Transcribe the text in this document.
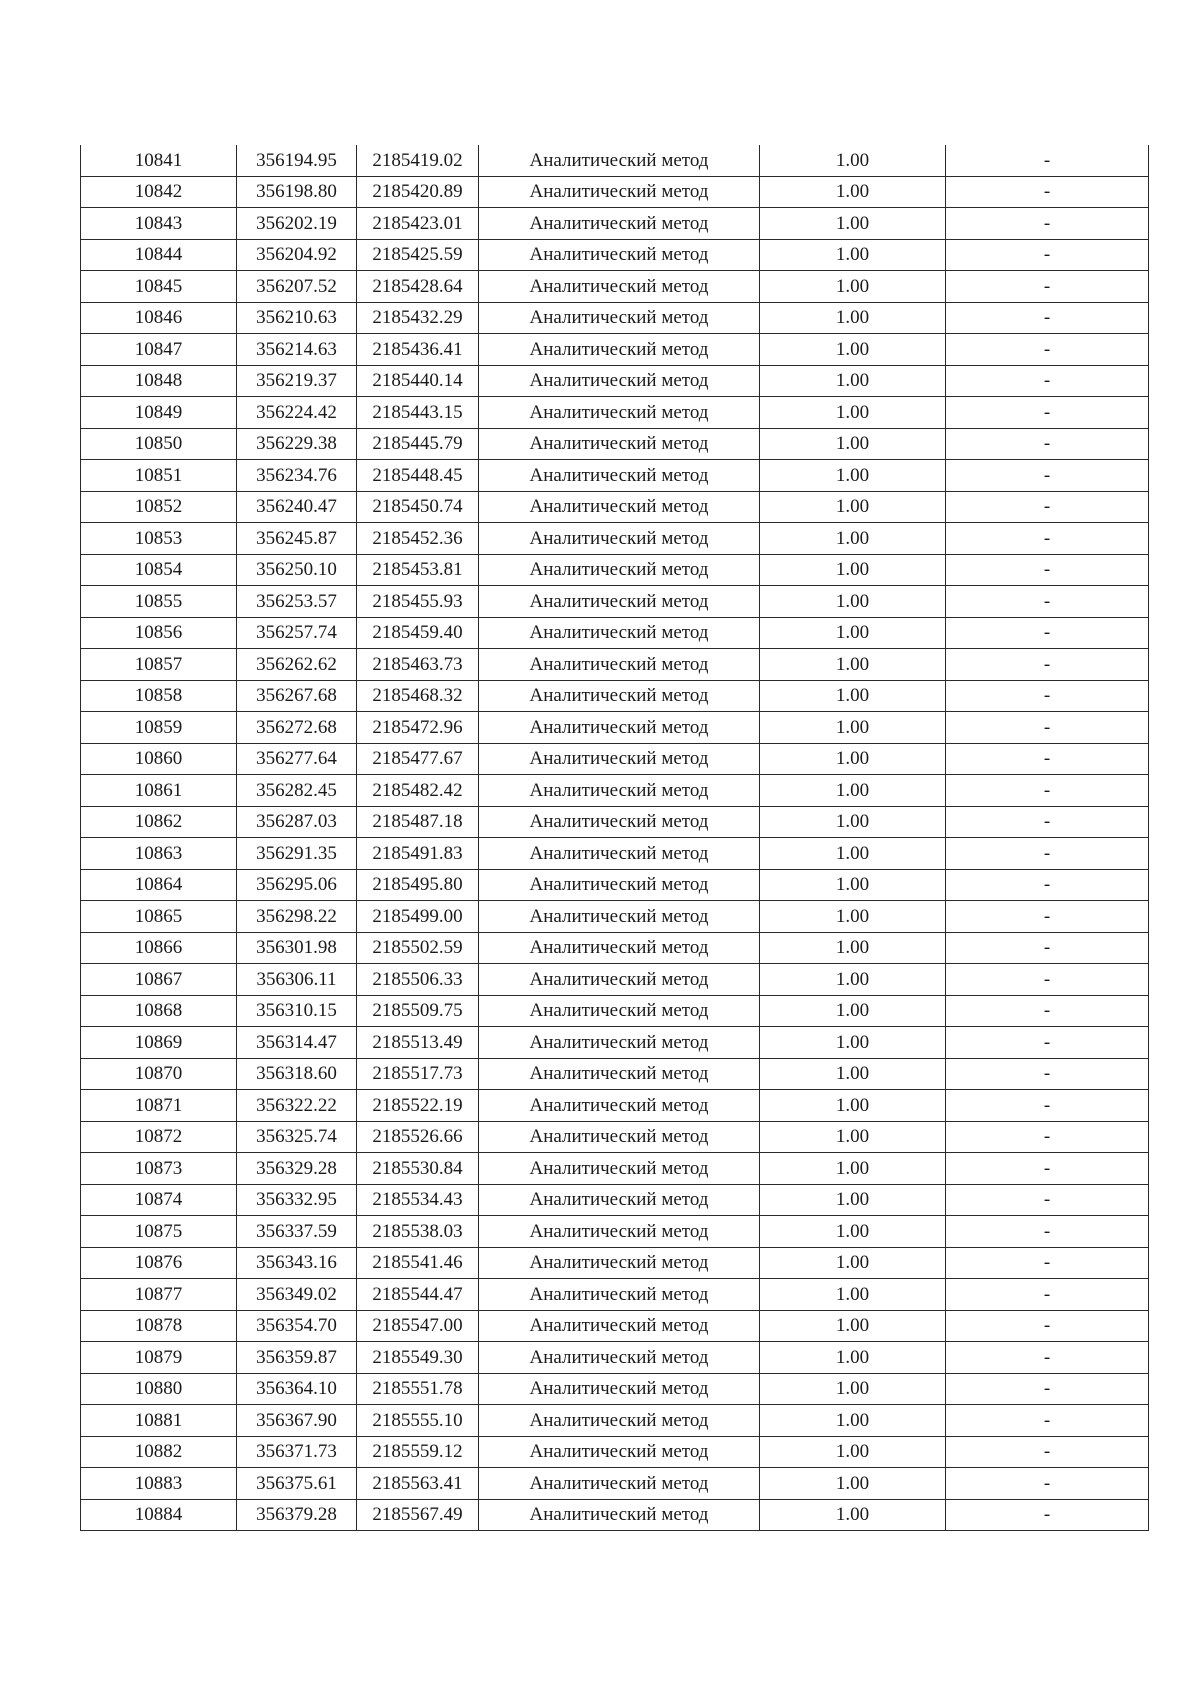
10841	356194.95	2185419.02	Аналитический метод	1.00	-
10842	356198.80	2185420.89	Аналитический метод	1.00	-
10843	356202.19	2185423.01	Аналитический метод	1.00	-
10844	356204.92	2185425.59	Аналитический метод	1.00	-
10845	356207.52	2185428.64	Аналитический метод	1.00	-
10846	356210.63	2185432.29	Аналитический метод	1.00	-
10847	356214.63	2185436.41	Аналитический метод	1.00	-
10848	356219.37	2185440.14	Аналитический метод	1.00	-
10849	356224.42	2185443.15	Аналитический метод	1.00	-
10850	356229.38	2185445.79	Аналитический метод	1.00	-
10851	356234.76	2185448.45	Аналитический метод	1.00	-
10852	356240.47	2185450.74	Аналитический метод	1.00	-
10853	356245.87	2185452.36	Аналитический метод	1.00	-
10854	356250.10	2185453.81	Аналитический метод	1.00	-
10855	356253.57	2185455.93	Аналитический метод	1.00	-
10856	356257.74	2185459.40	Аналитический метод	1.00	-
10857	356262.62	2185463.73	Аналитический метод	1.00	-
10858	356267.68	2185468.32	Аналитический метод	1.00	-
10859	356272.68	2185472.96	Аналитический метод	1.00	-
10860	356277.64	2185477.67	Аналитический метод	1.00	-
10861	356282.45	2185482.42	Аналитический метод	1.00	-
10862	356287.03	2185487.18	Аналитический метод	1.00	-
10863	356291.35	2185491.83	Аналитический метод	1.00	-
10864	356295.06	2185495.80	Аналитический метод	1.00	-
10865	356298.22	2185499.00	Аналитический метод	1.00	-
10866	356301.98	2185502.59	Аналитический метод	1.00	-
10867	356306.11	2185506.33	Аналитический метод	1.00	-
10868	356310.15	2185509.75	Аналитический метод	1.00	-
10869	356314.47	2185513.49	Аналитический метод	1.00	-
10870	356318.60	2185517.73	Аналитический метод	1.00	-
10871	356322.22	2185522.19	Аналитический метод	1.00	-
10872	356325.74	2185526.66	Аналитический метод	1.00	-
10873	356329.28	2185530.84	Аналитический метод	1.00	-
10874	356332.95	2185534.43	Аналитический метод	1.00	-
10875	356337.59	2185538.03	Аналитический метод	1.00	-
10876	356343.16	2185541.46	Аналитический метод	1.00	-
10877	356349.02	2185544.47	Аналитический метод	1.00	-
10878	356354.70	2185547.00	Аналитический метод	1.00	-
10879	356359.87	2185549.30	Аналитический метод	1.00	-
10880	356364.10	2185551.78	Аналитический метод	1.00	-
10881	356367.90	2185555.10	Аналитический метод	1.00	-
10882	356371.73	2185559.12	Аналитический метод	1.00	-
10883	356375.61	2185563.41	Аналитический метод	1.00	-
10884	356379.28	2185567.49	Аналитический метод	1.00	-
